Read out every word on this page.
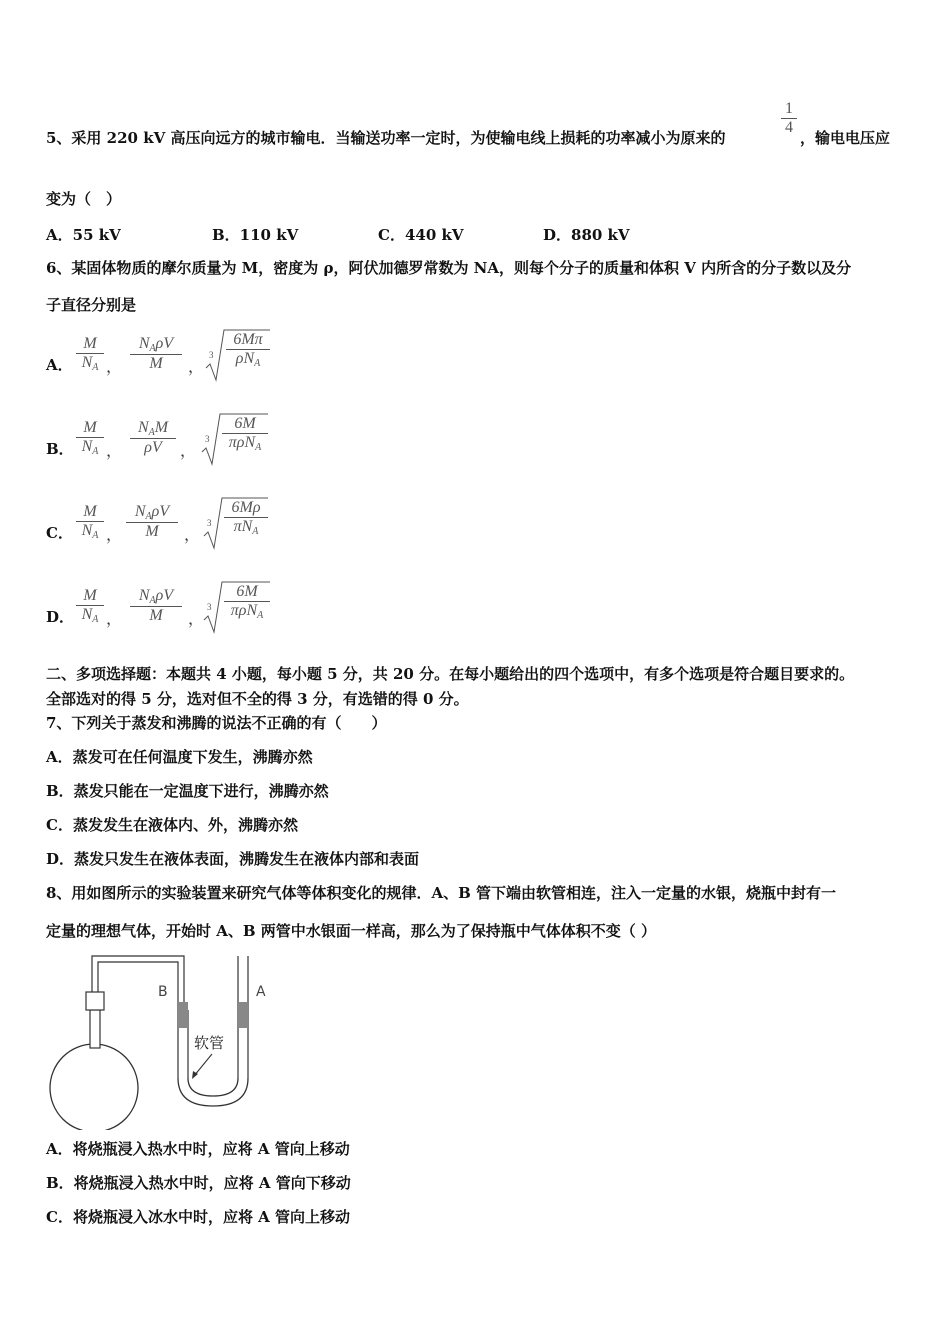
5、采用 220 kV 高压向远方的城市输电．当输送功率一定时，为使输电线上损耗的功率减小为原来的
1
4
，输电电压应
变为（　）
A．55 kV	B．110 kV	C．440 kV	D．880 kV
6、某固体物质的摩尔质量为 M，密度为 ρ，阿伏加德罗常数为 NA，则每个分子的质量和体积 V 内所含的分子数以及分
子直径分别是
A． $\frac{M}{N_A}$ ，
$N_A\rho V$
M	，
3
6Mπ
$\rho N_A$
B． $\frac{M}{N_A}$ ，
$N_AM$
ρV	，
3
6M
πρN$_A$
C． $\frac{M}{N_A}$ ，
$N_A\rho V$
M	，
3
6Mρ
$\pi N_A$
D． $\frac{M}{N_A}$ ，
$N_A\rho V$
M	，
3
6M
πρN$_A$
二、多项选择题：本题共 4 小题，每小题 5 分，共 20 分。在每小题给出的四个选项中，有多个选项是符合题目要求的。
全部选对的得 5 分，选对但不全的得 3 分，有选错的得 0 分。
7、下列关于蒸发和沸腾的说法不正确的有（　　）
A．蒸发可在任何温度下发生，沸腾亦然
B．蒸发只能在一定温度下进行，沸腾亦然
C．蒸发发生在液体内、外，沸腾亦然
D．蒸发只发生在液体表面，沸腾发生在液体内部和表面
8、用如图所示的实验装置来研究气体等体积变化的规律．A、B 管下端由软管相连，注入一定量的水银，烧瓶中封有一
定量的理想气体，开始时 A、B 两管中水银面一样高，那么为了保持瓶中气体体积不变（ ）
B	A
软管
A．将烧瓶浸入热水中时，应将 A 管向上移动
B．将烧瓶浸入热水中时，应将 A 管向下移动
C．将烧瓶浸入冰水中时，应将 A 管向上移动
